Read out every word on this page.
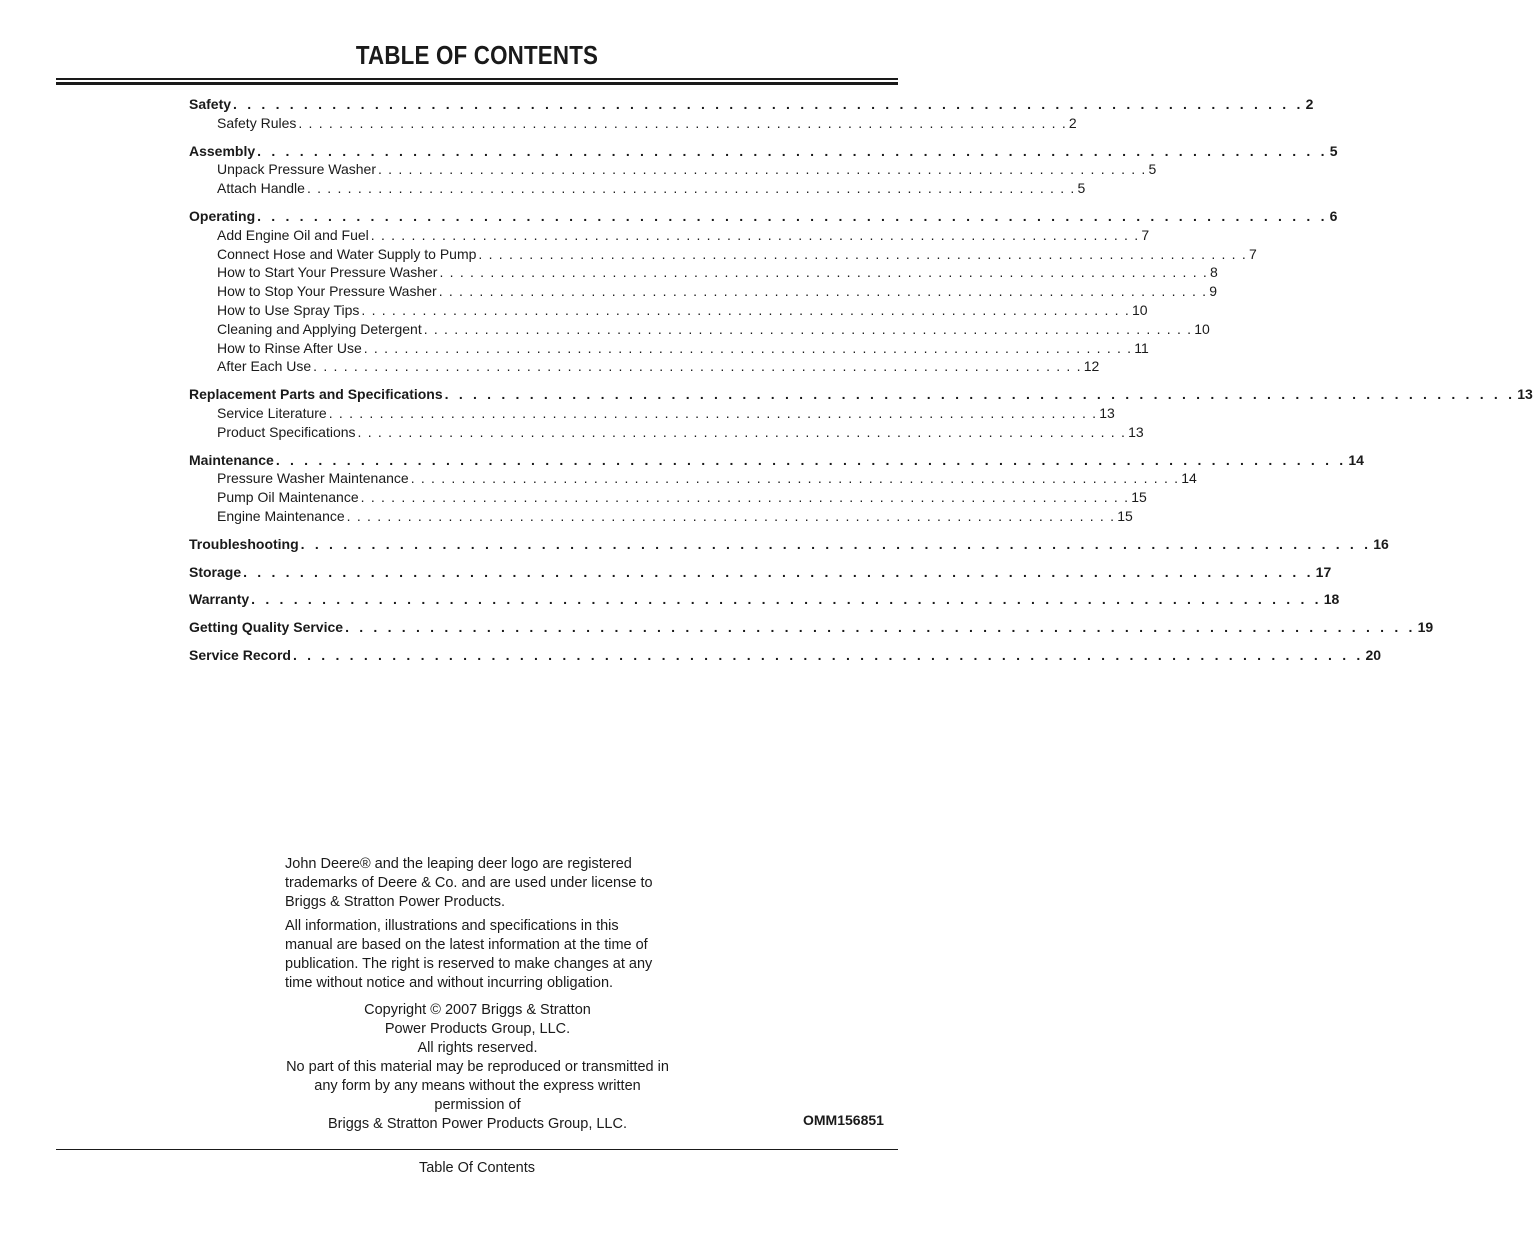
TABLE OF CONTENTS
Safety . . . . . . . . . . . . . . . . . . . . . . . . . . . . . . . . . . . . . . . . . . . . . . . . . . . . . . . . . . . . . . . . . . . . . . . . . . . . 2
Safety Rules . . . . . . . . . . . . . . . . . . . . . . . . . . . . . . . . . . . . . . . . . . . . . . . . . . . . . . . . . . . . . . . . . . . . . . . . . . . . 2
Assembly . . . . . . . . . . . . . . . . . . . . . . . . . . . . . . . . . . . . . . . . . . . . . . . . . . . . . . . . . . . . . . . . . . . . . . . . . . . . 5
Unpack Pressure Washer . . . . . . . . . . . . . . . . . . . . . . . . . . . . . . . . . . . . . . . . . . . . . . . . . . . . . . . . . . . . . . . . . . . . . . . . . . . . 5
Attach Handle . . . . . . . . . . . . . . . . . . . . . . . . . . . . . . . . . . . . . . . . . . . . . . . . . . . . . . . . . . . . . . . . . . . . . . . . . . . . 5
Operating . . . . . . . . . . . . . . . . . . . . . . . . . . . . . . . . . . . . . . . . . . . . . . . . . . . . . . . . . . . . . . . . . . . . . . . . . . . . 6
Add Engine Oil and Fuel . . . . . . . . . . . . . . . . . . . . . . . . . . . . . . . . . . . . . . . . . . . . . . . . . . . . . . . . . . . . . . . . . . . . . . . . . . . . 7
Connect Hose and Water Supply to Pump . . . . . . . . . . . . . . . . . . . . . . . . . . . . . . . . . . . . . . . . . . . . . . . . . . . . . . . . . . . . . . . . . . . . . . . . . . . . 7
How to Start Your Pressure Washer . . . . . . . . . . . . . . . . . . . . . . . . . . . . . . . . . . . . . . . . . . . . . . . . . . . . . . . . . . . . . . . . . . . . . . . . . . . . 8
How to Stop Your Pressure Washer . . . . . . . . . . . . . . . . . . . . . . . . . . . . . . . . . . . . . . . . . . . . . . . . . . . . . . . . . . . . . . . . . . . . . . . . . . . . 9
How to Use Spray Tips . . . . . . . . . . . . . . . . . . . . . . . . . . . . . . . . . . . . . . . . . . . . . . . . . . . . . . . . . . . . . . . . . . . . . . . . . . . . 10
Cleaning and Applying Detergent . . . . . . . . . . . . . . . . . . . . . . . . . . . . . . . . . . . . . . . . . . . . . . . . . . . . . . . . . . . . . . . . . . . . . . . . . . . . 10
How to Rinse After Use . . . . . . . . . . . . . . . . . . . . . . . . . . . . . . . . . . . . . . . . . . . . . . . . . . . . . . . . . . . . . . . . . . . . . . . . . . . . 11
After Each Use . . . . . . . . . . . . . . . . . . . . . . . . . . . . . . . . . . . . . . . . . . . . . . . . . . . . . . . . . . . . . . . . . . . . . . . . . . . . 12
Replacement Parts and Specifications . . . . . . . . . . . . . . . . . . . . . . . . . . . . . . . . . . . . . . . . . . . . . . . . . . . . . . . . . . . . . . . . . . . . . . . . . . . . 13
Service Literature . . . . . . . . . . . . . . . . . . . . . . . . . . . . . . . . . . . . . . . . . . . . . . . . . . . . . . . . . . . . . . . . . . . . . . . . . . . . 13
Product Specifications . . . . . . . . . . . . . . . . . . . . . . . . . . . . . . . . . . . . . . . . . . . . . . . . . . . . . . . . . . . . . . . . . . . . . . . . . . . . 13
Maintenance . . . . . . . . . . . . . . . . . . . . . . . . . . . . . . . . . . . . . . . . . . . . . . . . . . . . . . . . . . . . . . . . . . . . . . . . . . . . 14
Pressure Washer Maintenance . . . . . . . . . . . . . . . . . . . . . . . . . . . . . . . . . . . . . . . . . . . . . . . . . . . . . . . . . . . . . . . . . . . . . . . . . . . . 14
Pump Oil Maintenance . . . . . . . . . . . . . . . . . . . . . . . . . . . . . . . . . . . . . . . . . . . . . . . . . . . . . . . . . . . . . . . . . . . . . . . . . . . . 15
Engine Maintenance . . . . . . . . . . . . . . . . . . . . . . . . . . . . . . . . . . . . . . . . . . . . . . . . . . . . . . . . . . . . . . . . . . . . . . . . . . . . 15
Troubleshooting . . . . . . . . . . . . . . . . . . . . . . . . . . . . . . . . . . . . . . . . . . . . . . . . . . . . . . . . . . . . . . . . . . . . . . . . . . . . 16
Storage . . . . . . . . . . . . . . . . . . . . . . . . . . . . . . . . . . . . . . . . . . . . . . . . . . . . . . . . . . . . . . . . . . . . . . . . . . . . 17
Warranty . . . . . . . . . . . . . . . . . . . . . . . . . . . . . . . . . . . . . . . . . . . . . . . . . . . . . . . . . . . . . . . . . . . . . . . . . . . . 18
Getting Quality Service . . . . . . . . . . . . . . . . . . . . . . . . . . . . . . . . . . . . . . . . . . . . . . . . . . . . . . . . . . . . . . . . . . . . . . . . . . . . 19
Service Record . . . . . . . . . . . . . . . . . . . . . . . . . . . . . . . . . . . . . . . . . . . . . . . . . . . . . . . . . . . . . . . . . . . . . . . . . . . . 20

John Deere® and the leaping deer logo are registered trademarks of Deere & Co. and are used under license to Briggs & Stratton Power Products.

All information, illustrations and specifications in this manual are based on the latest information at the time of publication. The right is reserved to make changes at any time without notice and without incurring obligation.

Copyright © 2007 Briggs & Stratton
Power Products Group, LLC.
All rights reserved.
No part of this material may be reproduced or transmitted in
any form by any means without the express written
permission of
Briggs & Stratton Power Products Group, LLC.	OMM156851
Table Of Contents
